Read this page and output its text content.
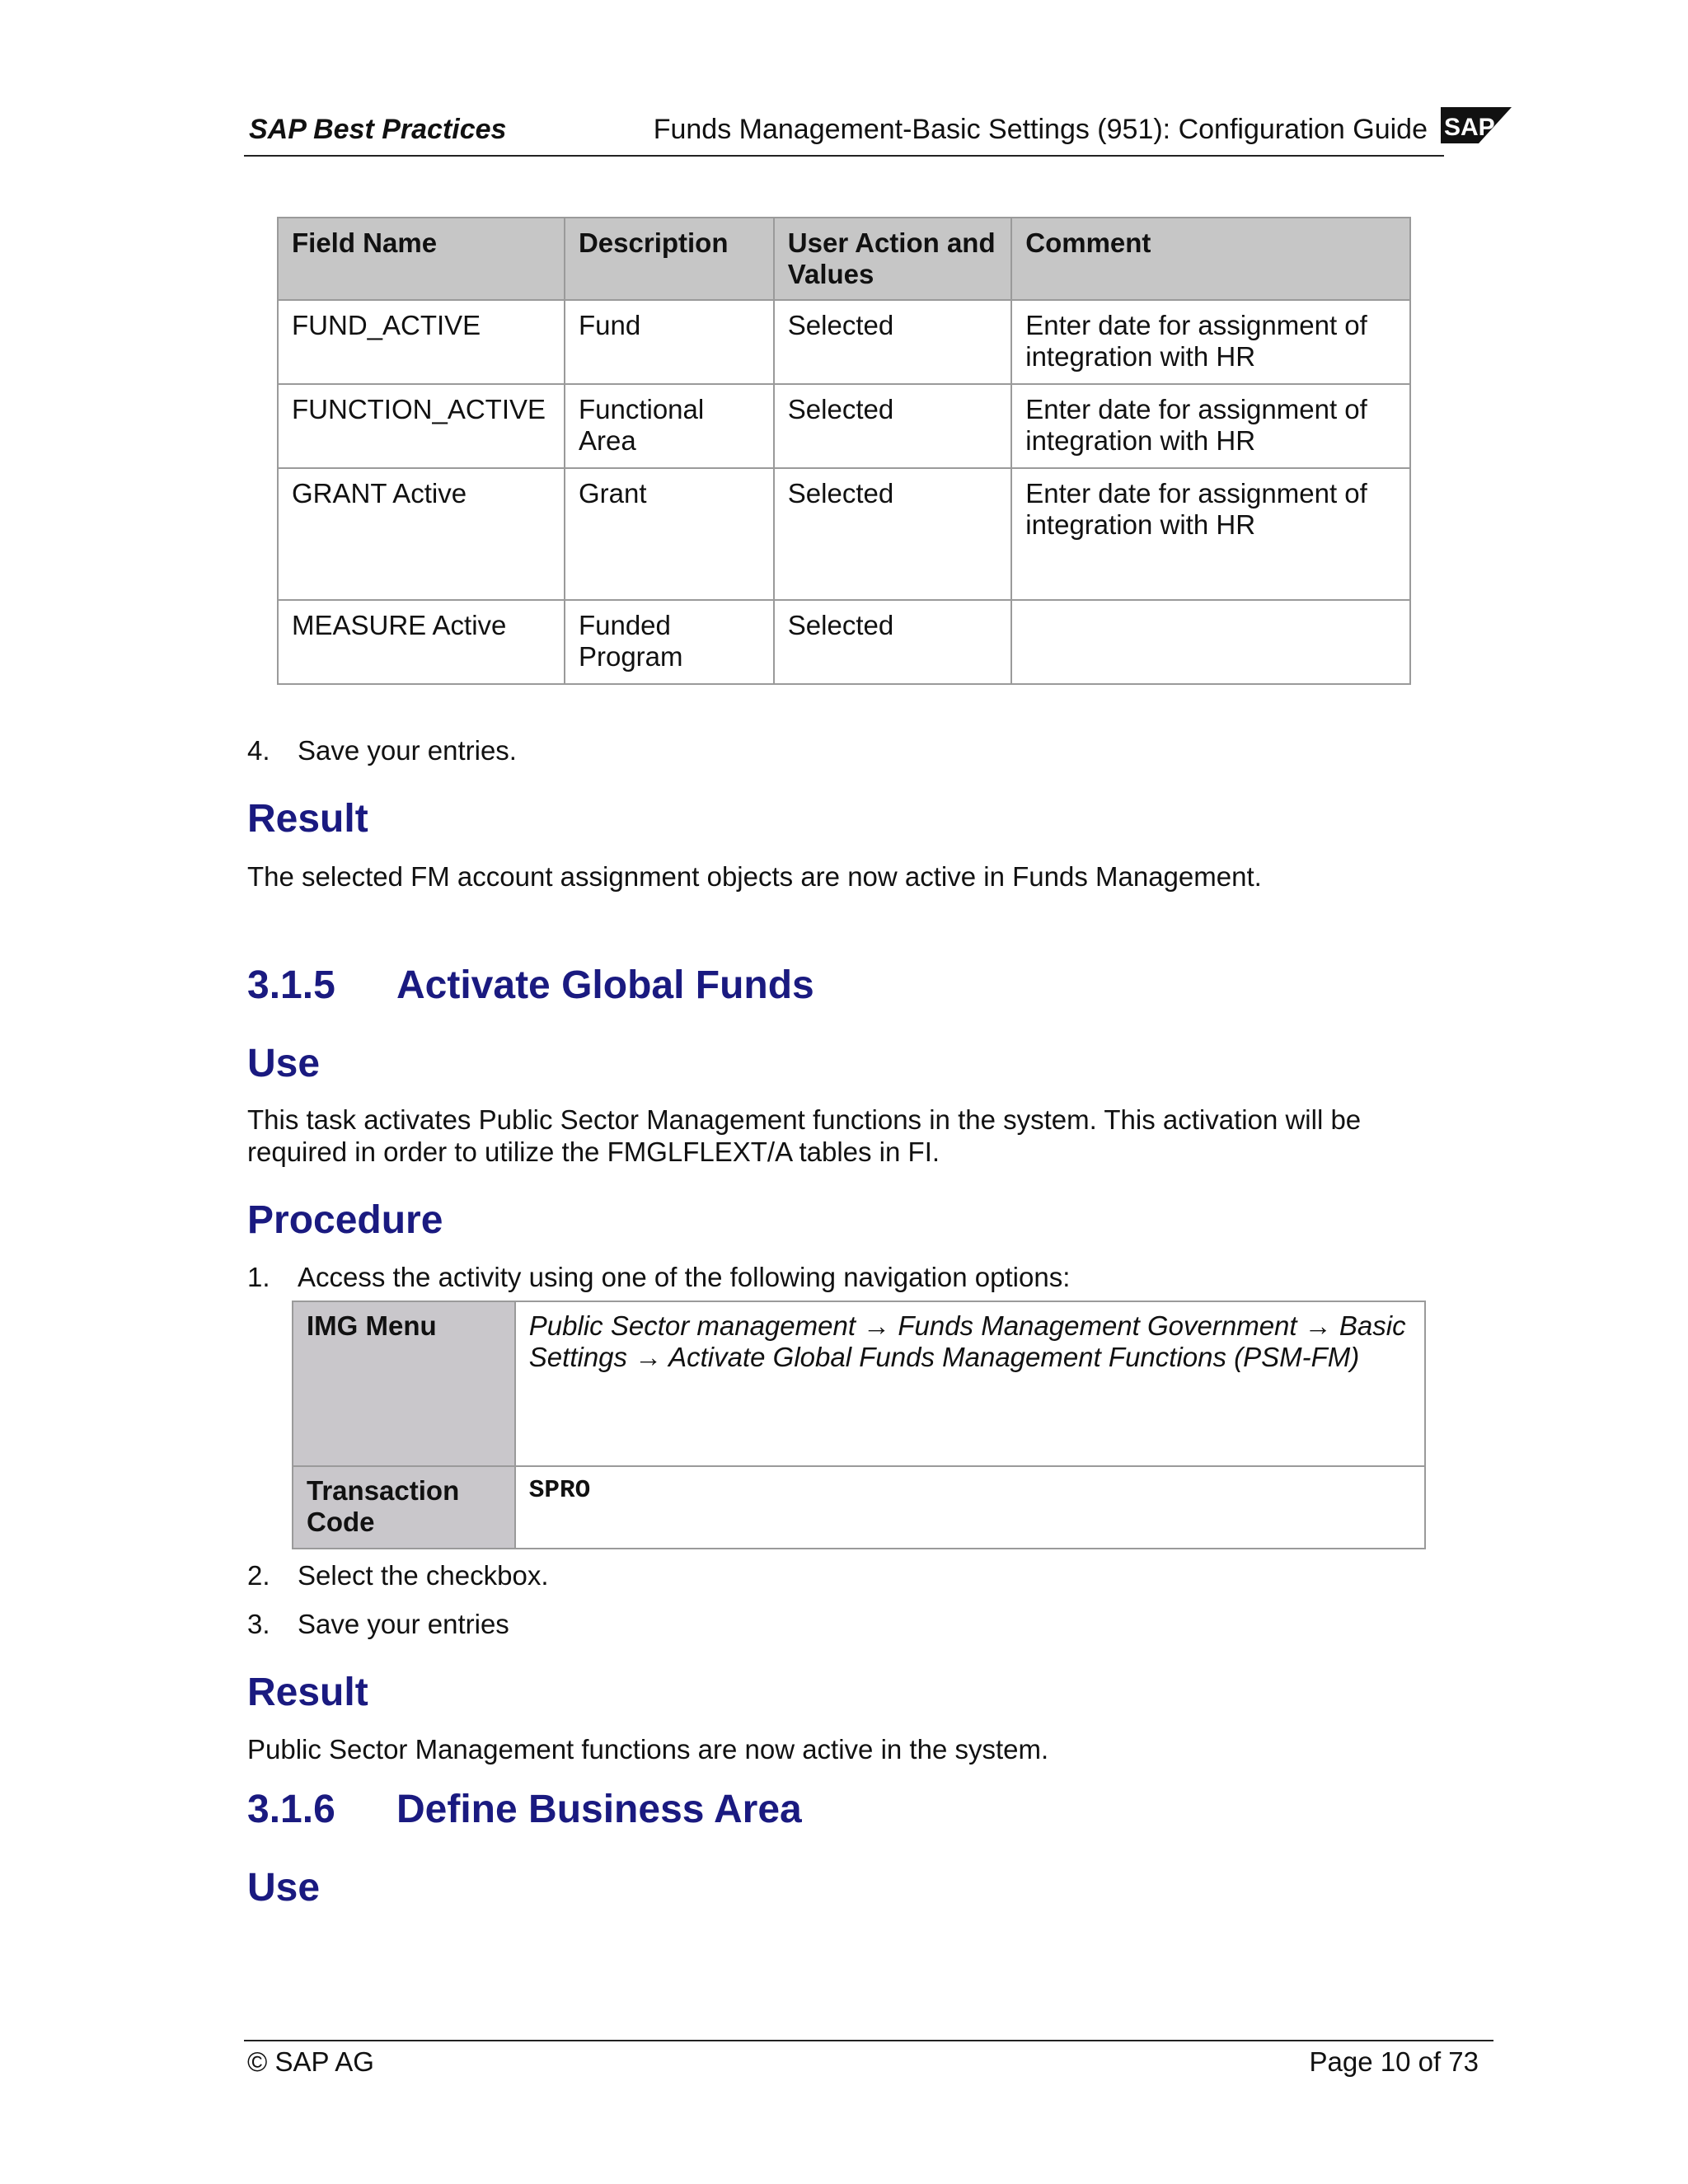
SAP Best Practices	Funds Management-Basic Settings (951): Configuration Guide SAP
Field Name	Description	User Action and Values	Comment
FUND_ACTIVE	Fund	Selected	Enter date for assignment of integration with HR
FUNCTION_ACTIVE	Functional Area	Selected	Enter date for assignment of integration with HR
GRANT Active	Grant	Selected	Enter date for assignment of integration with HR
MEASURE Active	Funded Program	Selected	
4. Save your entries.
Result
The selected FM account assignment objects are now active in Funds Management.
3.1.5 Activate Global Funds
Use
This task activates Public Sector Management functions in the system. This activation will be required in order to utilize the FMGLFLEXT/A tables in FI.
Procedure
1. Access the activity using one of the following navigation options:
IMG Menu	Public Sector management → Funds Management Government → Basic Settings → Activate Global Funds Management Functions (PSM-FM)
Transaction Code	SPRO
2. Select the checkbox.
3. Save your entries
Result
Public Sector Management functions are now active in the system.
3.1.6 Define Business Area
Use
© SAP AG	Page 10 of 73
